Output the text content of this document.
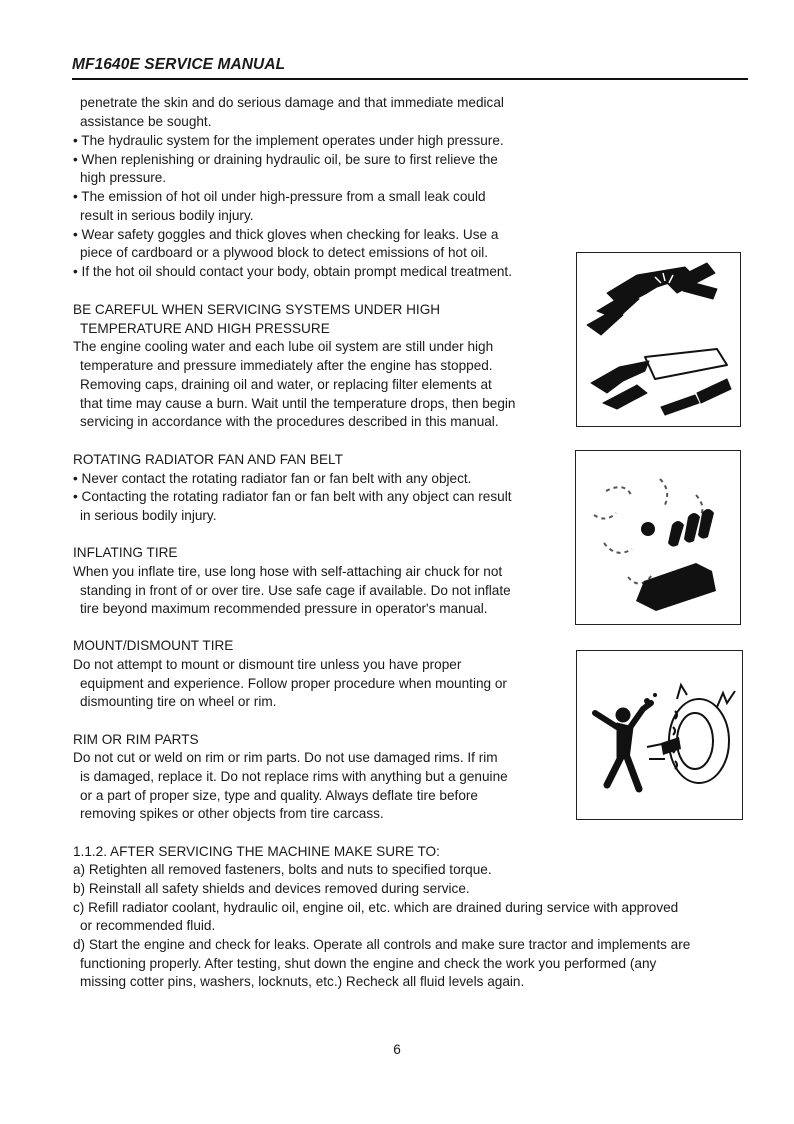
MF1640E SERVICE MANUAL
penetrate the skin and do serious damage and that immediate medical
assistance be sought.
• The hydraulic system for the implement operates under high pressure.
• When replenishing or draining hydraulic oil, be sure to first relieve the
high pressure.
• The emission of hot oil under high-pressure from a small leak could
result in serious bodily injury.
• Wear safety goggles and thick gloves when checking for leaks. Use a
piece of cardboard or a plywood block to detect emissions of hot oil.
• If the hot oil should contact your body, obtain prompt medical treatment.
BE CAREFUL WHEN SERVICING SYSTEMS UNDER HIGH
TEMPERATURE AND HIGH PRESSURE
The engine cooling water and each lube oil system are still under high
temperature and pressure immediately after the engine has stopped.
Removing caps, draining oil and water, or replacing filter elements at
that time may cause a burn. Wait until the temperature drops, then begin
servicing in accordance with the procedures described in this manual.
ROTATING RADIATOR FAN AND FAN BELT
• Never contact the rotating radiator fan or fan belt with any object.
• Contacting the rotating radiator fan or fan belt with any object can result
in serious bodily injury.
INFLATING TIRE
When you inflate tire, use long hose with self-attaching air chuck for not
standing in front of or over tire. Use safe cage if available. Do not inflate
tire beyond maximum recommended pressure in operator's manual.
MOUNT/DISMOUNT TIRE
Do not attempt to mount or dismount tire unless you have proper
equipment and experience. Follow proper procedure when mounting or
dismounting tire on wheel or rim.
RIM OR RIM PARTS
Do not cut or weld on rim or rim parts. Do not use damaged rims. If rim
is damaged, replace it. Do not replace rims with anything but a genuine
or a part of proper size, type and quality. Always deflate tire before
removing spikes or other objects from tire carcass.
1.1.2. AFTER SERVICING THE MACHINE MAKE SURE TO:
a) Retighten all removed fasteners, bolts and nuts to specified torque.
b) Reinstall all safety shields and devices removed during service.
c) Refill radiator coolant, hydraulic oil, engine oil, etc. which are drained during service with approved
or recommended fluid.
d) Start the engine and check for leaks. Operate all controls and make sure tractor and implements are
functioning properly. After testing, shut down the engine and check the work you performed (any
missing cotter pins, washers, locknuts, etc.) Recheck all fluid levels again.
6
